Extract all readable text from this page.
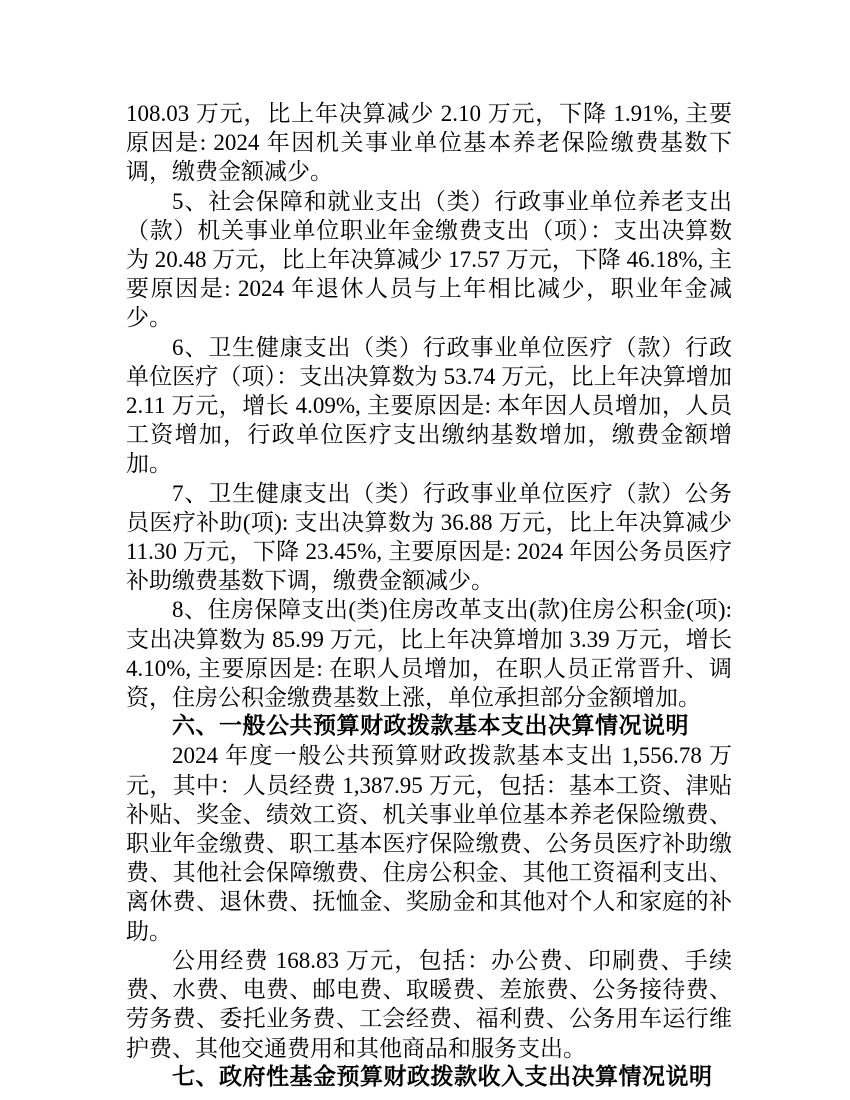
108.03 万元，比上年决算减少 2.10 万元，下降 1.91%, 主要原因是: 2024 年因机关事业单位基本养老保险缴费基数下调，缴费金额减少。

5、社会保障和就业支出（类）行政事业单位养老支出（款）机关事业单位职业年金缴费支出（项）：支出决算数为 20.48 万元，比上年决算减少 17.57 万元，下降 46.18%, 主要原因是: 2024 年退休人员与上年相比减少，职业年金减少。

6、卫生健康支出（类）行政事业单位医疗（款）行政单位医疗（项）：支出决算数为 53.74 万元，比上年决算增加 2.11 万元，增长 4.09%, 主要原因是: 本年因人员增加，人员工资增加，行政单位医疗支出缴纳基数增加，缴费金额增加。

7、卫生健康支出（类）行政事业单位医疗（款）公务员医疗补助(项): 支出决算数为 36.88 万元，比上年决算减少 11.30 万元，下降 23.45%, 主要原因是: 2024 年因公务员医疗补助缴费基数下调，缴费金额减少。

8、住房保障支出(类)住房改革支出(款)住房公积金(项): 支出决算数为 85.99 万元，比上年决算增加 3.39 万元，增长 4.10%, 主要原因是: 在职人员增加，在职人员正常晋升、调资，住房公积金缴费基数上涨，单位承担部分金额增加。

六、一般公共预算财政拨款基本支出决算情况说明

2024 年度一般公共预算财政拨款基本支出 1,556.78 万元，其中：人员经费 1,387.95 万元，包括：基本工资、津贴补贴、奖金、绩效工资、机关事业单位基本养老保险缴费、职业年金缴费、职工基本医疗保险缴费、公务员医疗补助缴费、其他社会保障缴费、住房公积金、其他工资福利支出、离休费、退休费、抚恤金、奖励金和其他对个人和家庭的补助。

公用经费 168.83 万元，包括：办公费、印刷费、手续费、水费、电费、邮电费、取暖费、差旅费、公务接待费、劳务费、委托业务费、工会经费、福利费、公务用车运行维护费、其他交通费用和其他商品和服务支出。

七、政府性基金预算财政拨款收入支出决算情况说明
